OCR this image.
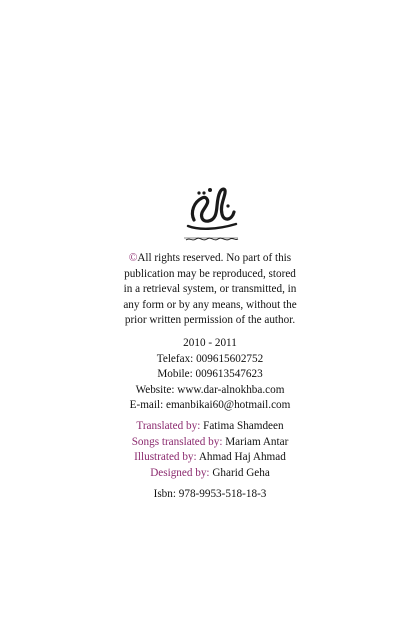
©All rights reserved. No part of this
publication may be reproduced, stored
in a retrieval system, or transmitted, in
any form or by any means, without the
prior written permission of the author.
2010 - 2011
Telefax: 009615602752
Mobile: 009613547623
Website: www.dar-alnokhba.com
E-mail: emanbikai60@hotmail.com
Translated by: Fatima Shamdeen
Songs translated by: Mariam Antar
Illustrated by: Ahmad Haj Ahmad
Designed by: Gharid Geha
Isbn: 978-9953-518-18-3
